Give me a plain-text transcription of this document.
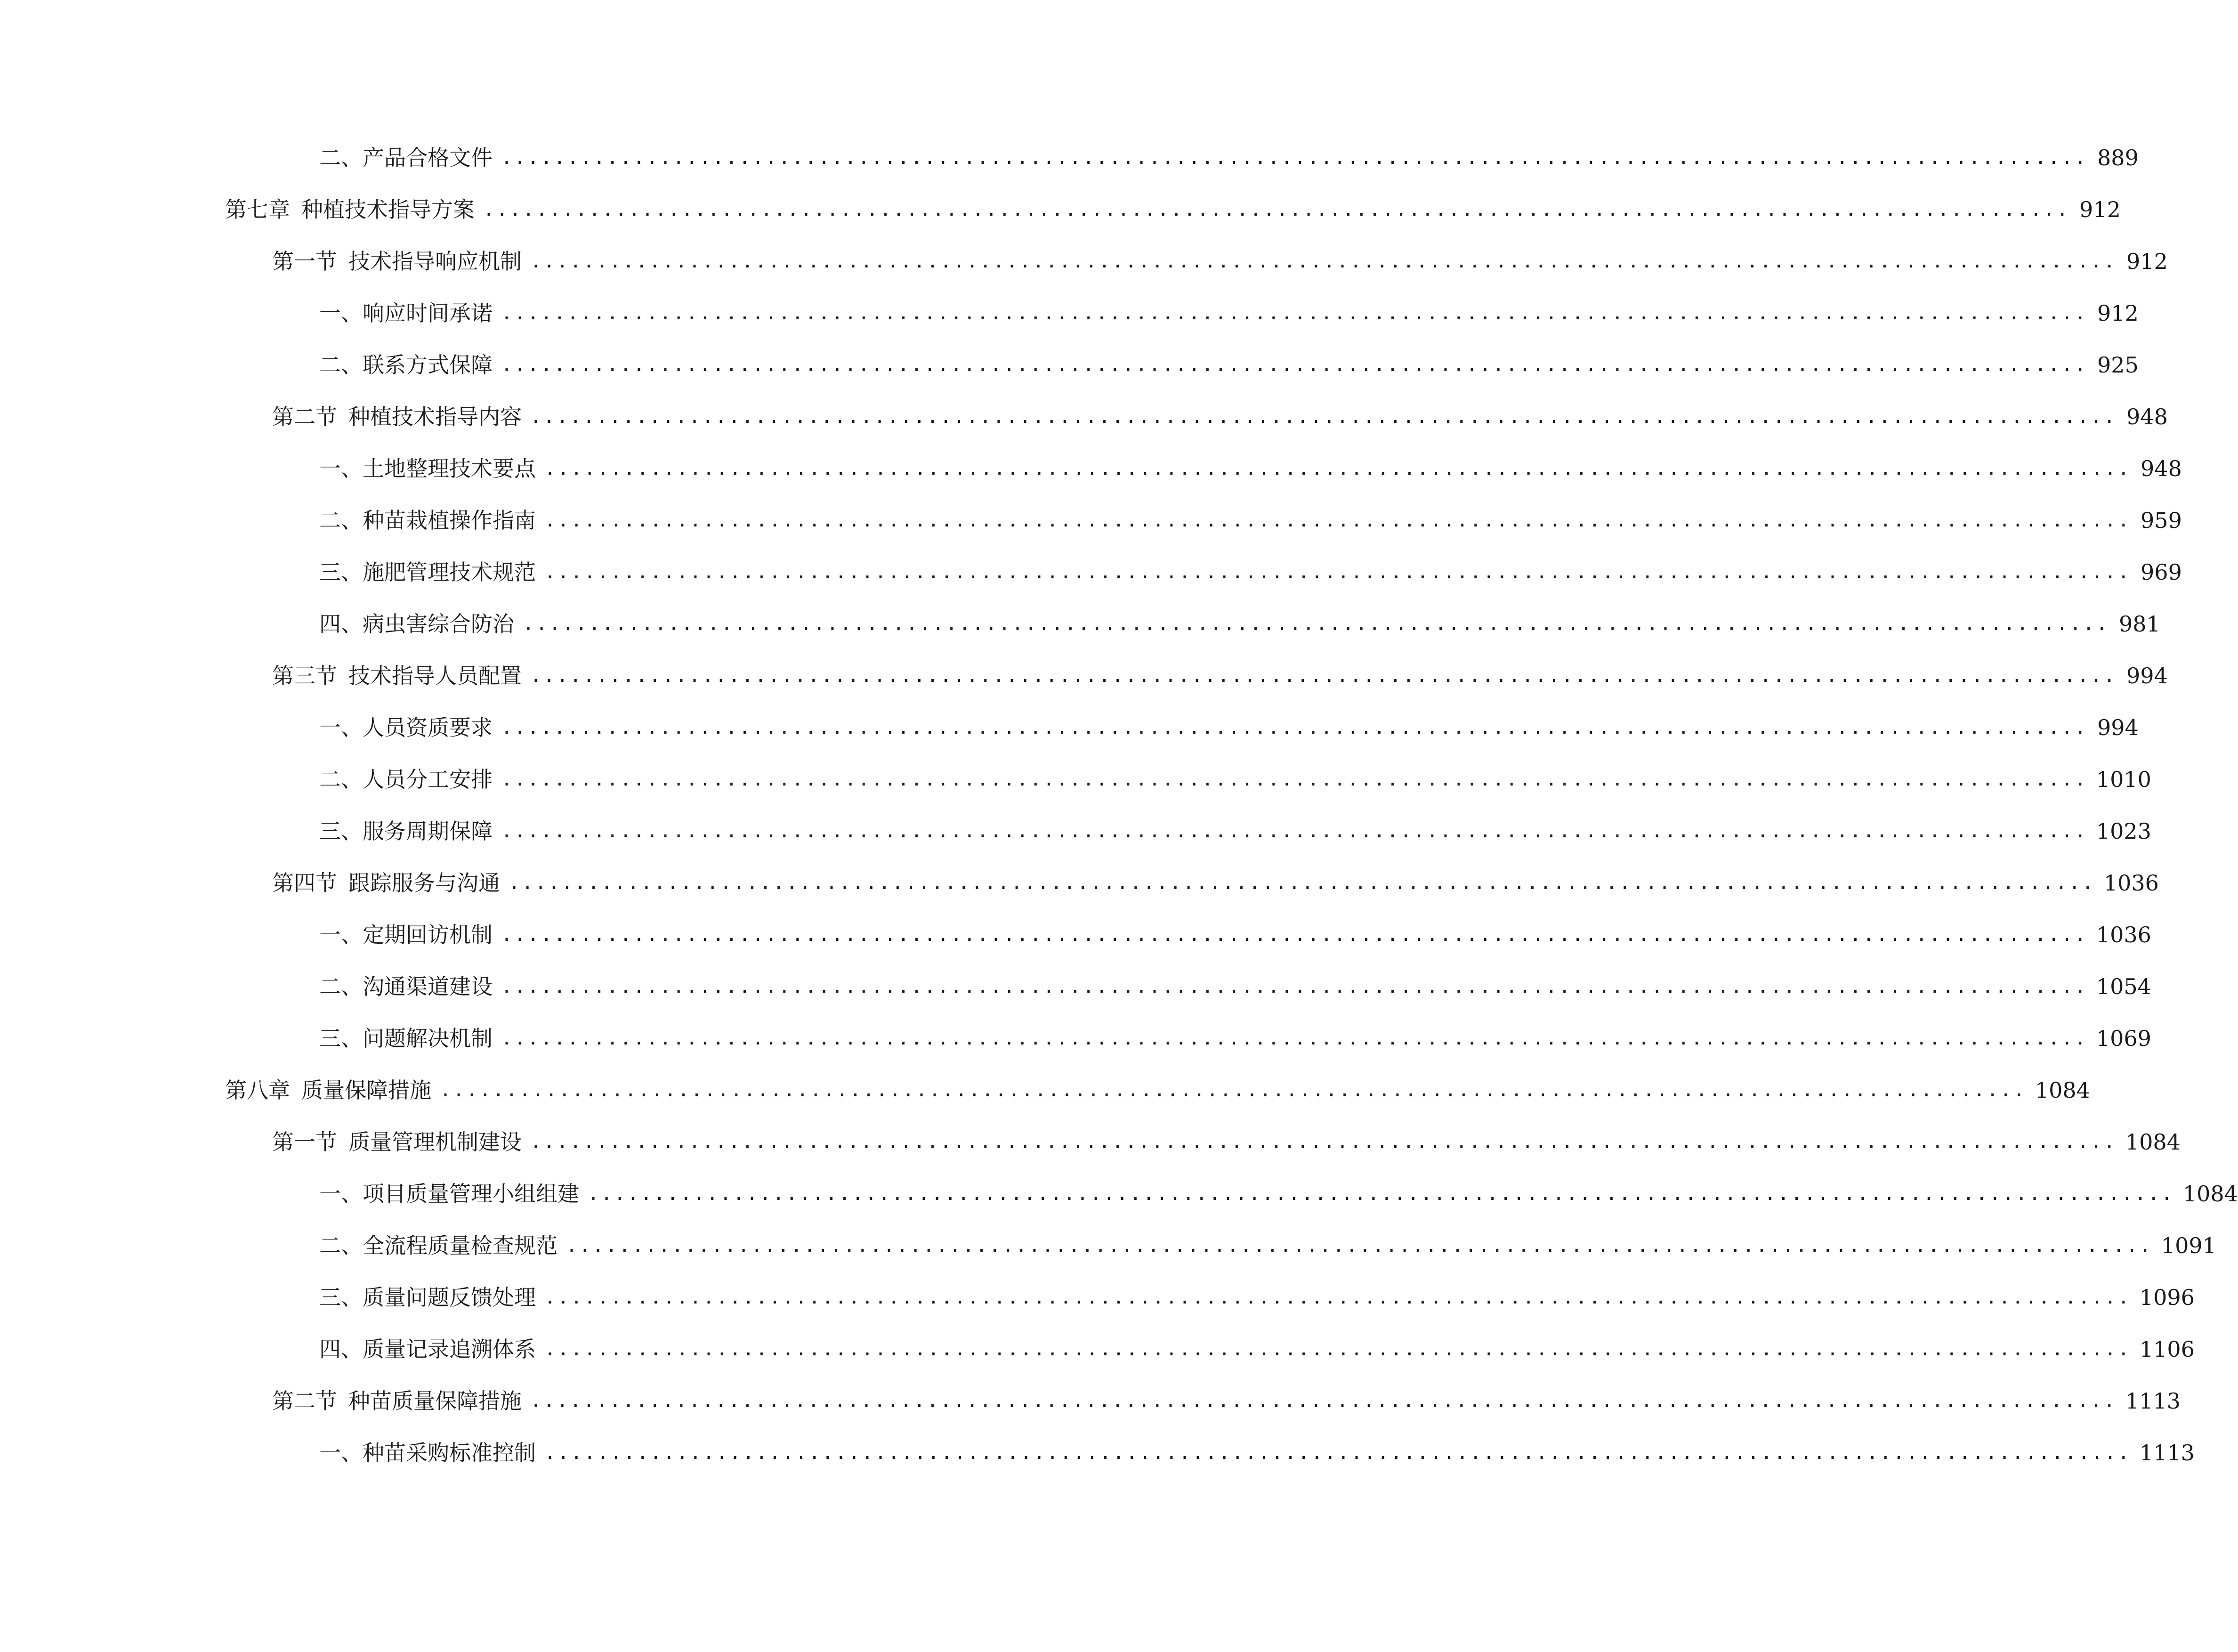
二、 产品合格文件 ........................................................................................................................ 889
第七章 种植技术指导方案 ........................................................................................................................ 912
第一节 技术指导响应机制 ........................................................................................................................ 912
一、 响应时间承诺 ........................................................................................................................ 912
二、 联系方式保障 ........................................................................................................................ 925
第二节 种植技术指导内容 ........................................................................................................................ 948
一、 土地整理技术要点 ........................................................................................................................ 948
二、 种苗栽植操作指南 ........................................................................................................................ 959
三、 施肥管理技术规范 ........................................................................................................................ 969
四、 病虫害综合防治 ........................................................................................................................ 981
第三节 技术指导人员配置 ........................................................................................................................ 994
一、 人员资质要求 ........................................................................................................................ 994
二、 人员分工安排 ........................................................................................................................ 1010
三、 服务周期保障 ........................................................................................................................ 1023
第四节 跟踪服务与沟通 ........................................................................................................................ 1036
一、 定期回访机制 ........................................................................................................................ 1036
二、 沟通渠道建设 ........................................................................................................................ 1054
三、 问题解决机制 ........................................................................................................................ 1069
第八章 质量保障措施 ........................................................................................................................ 1084
第一节 质量管理机制建设 ........................................................................................................................ 1084
一、 项目质量管理小组组建 ........................................................................................................................ 1084
二、 全流程质量检查规范 ........................................................................................................................ 1091
三、 质量问题反馈处理 ........................................................................................................................ 1096
四、 质量记录追溯体系 ........................................................................................................................ 1106
第二节 种苗质量保障措施 ........................................................................................................................ 1113
一、 种苗采购标准控制 ........................................................................................................................ 1113
